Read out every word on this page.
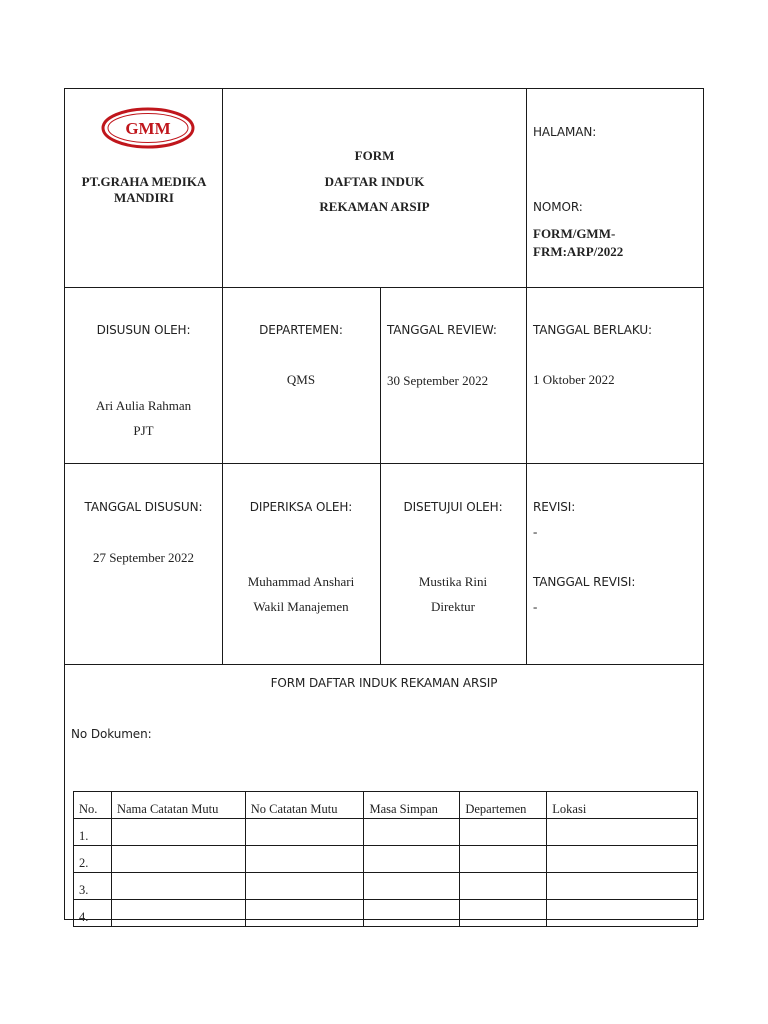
GMM
PT.GRAHA MEDIKA
MANDIRI
FORM
DAFTAR INDUK
REKAMAN ARSIP
HALAMAN:
NOMOR:
FORM/GMM-
FRM:ARP/2022
DISUSUN OLEH:
Ari Aulia Rahman
PJT
DEPARTEMEN:
QMS
TANGGAL REVIEW:
30 September 2022
TANGGAL BERLAKU:
1 Oktober 2022
TANGGAL DISUSUN:
27 September 2022
DIPERIKSA OLEH:
Muhammad Anshari
Wakil Manajemen
DISETUJUI OLEH:
Mustika Rini
Direktur
REVISI:
-
TANGGAL REVISI:
-
FORM DAFTAR INDUK REKAMAN ARSIP
No Dokumen:
No.	Nama Catatan Mutu	No Catatan Mutu	Masa Simpan	Departemen	Lokasi
1.					
2.					
3.					
4.					
